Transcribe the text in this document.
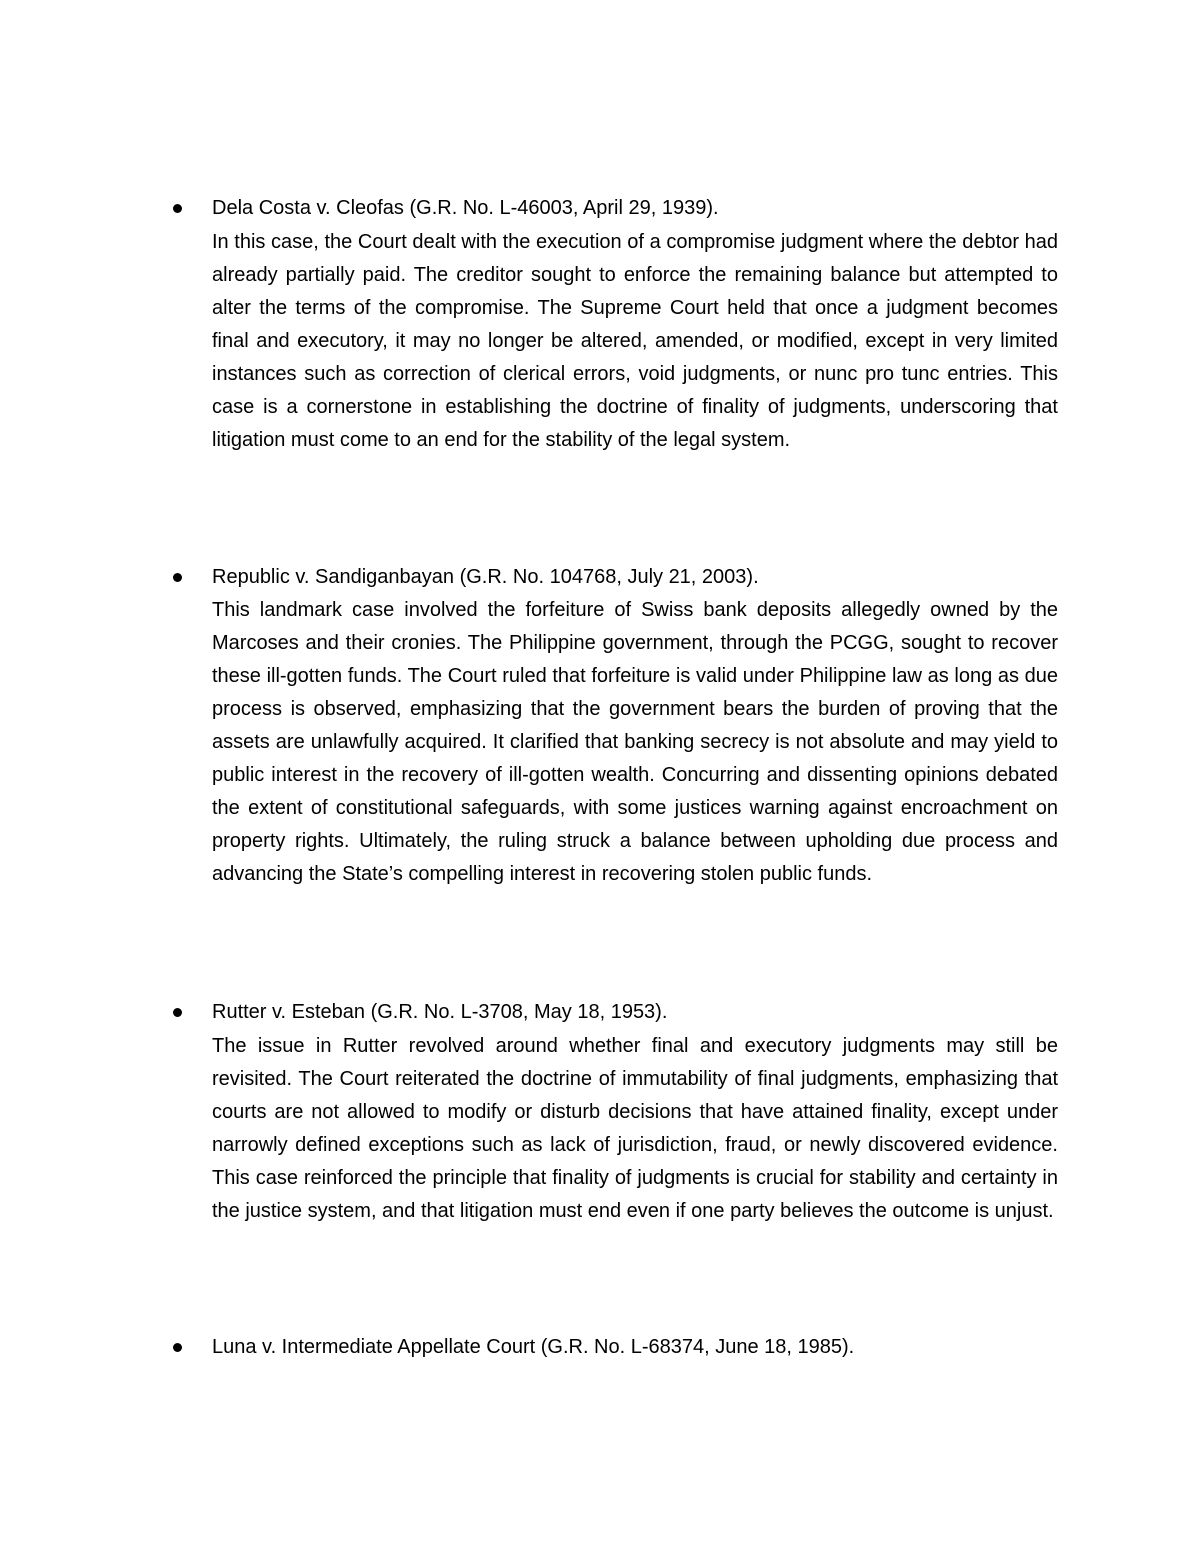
Dela Costa v. Cleofas (G.R. No. L-46003, April 29, 1939).

In this case, the Court dealt with the execution of a compromise judgment where the debtor had already partially paid. The creditor sought to enforce the remaining balance but attempted to alter the terms of the compromise. The Supreme Court held that once a judgment becomes final and executory, it may no longer be altered, amended, or modified, except in very limited instances such as correction of clerical errors, void judgments, or nunc pro tunc entries. This case is a cornerstone in establishing the doctrine of finality of judgments, underscoring that litigation must come to an end for the stability of the legal system.

Republic v. Sandiganbayan (G.R. No. 104768, July 21, 2003).

This landmark case involved the forfeiture of Swiss bank deposits allegedly owned by the Marcoses and their cronies. The Philippine government, through the PCGG, sought to recover these ill-gotten funds. The Court ruled that forfeiture is valid under Philippine law as long as due process is observed, emphasizing that the government bears the burden of proving that the assets are unlawfully acquired. It clarified that banking secrecy is not absolute and may yield to public interest in the recovery of ill-gotten wealth. Concurring and dissenting opinions debated the extent of constitutional safeguards, with some justices warning against encroachment on property rights. Ultimately, the ruling struck a balance between upholding due process and advancing the State’s compelling interest in recovering stolen public funds.

Rutter v. Esteban (G.R. No. L-3708, May 18, 1953).

The issue in Rutter revolved around whether final and executory judgments may still be revisited. The Court reiterated the doctrine of immutability of final judgments, emphasizing that courts are not allowed to modify or disturb decisions that have attained finality, except under narrowly defined exceptions such as lack of jurisdiction, fraud, or newly discovered evidence. This case reinforced the principle that finality of judgments is crucial for stability and certainty in the justice system, and that litigation must end even if one party believes the outcome is unjust.

Luna v. Intermediate Appellate Court (G.R. No. L-68374, June 18, 1985).
